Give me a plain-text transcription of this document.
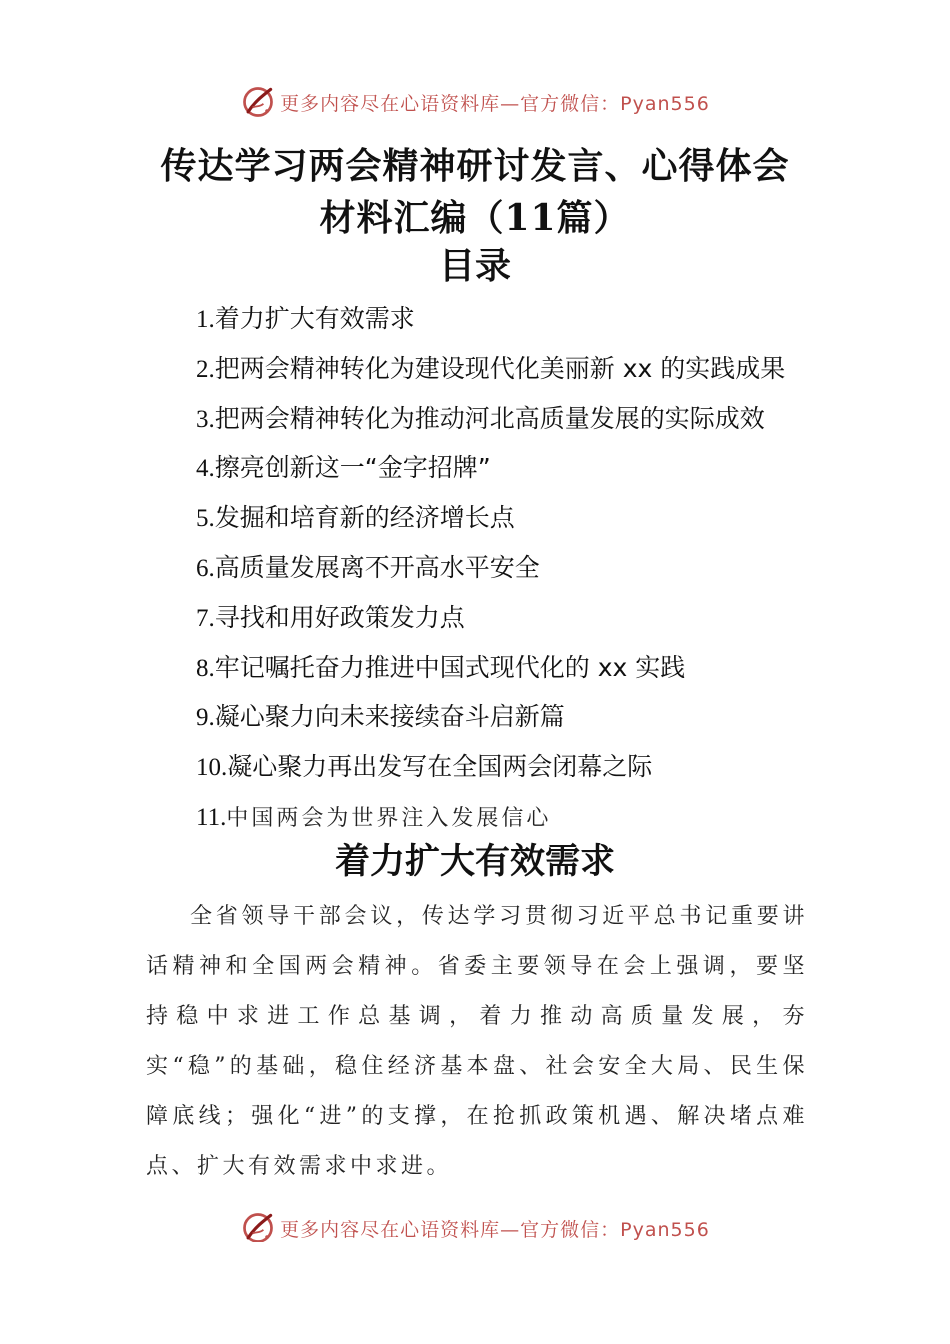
更多内容尽在心语资料库—官方微信：Pyan556
传达学习两会精神研讨发言、心得体会材料汇编（11篇）
目录
1.着力扩大有效需求
2.把两会精神转化为建设现代化美丽新 xx 的实践成果
3.把两会精神转化为推动河北高质量发展的实际成效
4.擦亮创新这一“金字招牌”
5.发掘和培育新的经济增长点
6.高质量发展离不开高水平安全
7.寻找和用好政策发力点
8.牢记嘱托奋力推进中国式现代化的 xx 实践
9.凝心聚力向未来接续奋斗启新篇
10.凝心聚力再出发写在全国两会闭幕之际
11.中国两会为世界注入发展信心
着力扩大有效需求

全省领导干部会议，传达学习贯彻习近平总书记重要讲话精神和全国两会精神。省委主要领导在会上强调，要坚持稳中求进工作总基调，着力推动高质量发展，夯实“稳”的基础，稳住经济基本盘、社会安全大局、民生保障底线；强化“进”的支撑，在抢抓政策机遇、解决堵点难点、扩大有效需求中求进。

更多内容尽在心语资料库—官方微信：Pyan556
